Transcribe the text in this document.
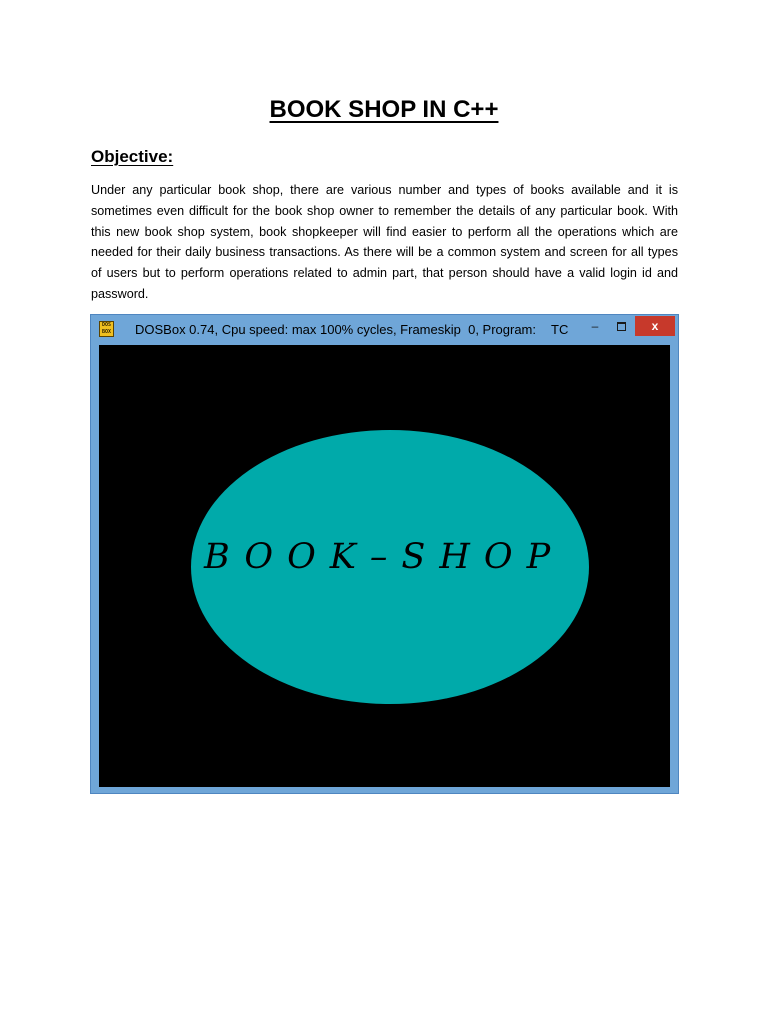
BOOK SHOP IN C++
Objective:

Under any particular book shop, there are various number and types of books available and it is sometimes even difficult for the book shop owner to remember the details of any particular book. With this new book shop system, book shopkeeper will find easier to perform all the operations which are needed for their daily business transactions. As there will be a common system and screen for all types of users but to perform operations related to admin part, that person should have a valid login id and password.

DOS BOX DOSBox 0.74, Cpu speed: max 100% cycles, Frameskip  0, Program: TC	–	x
BOOK–SHOP
